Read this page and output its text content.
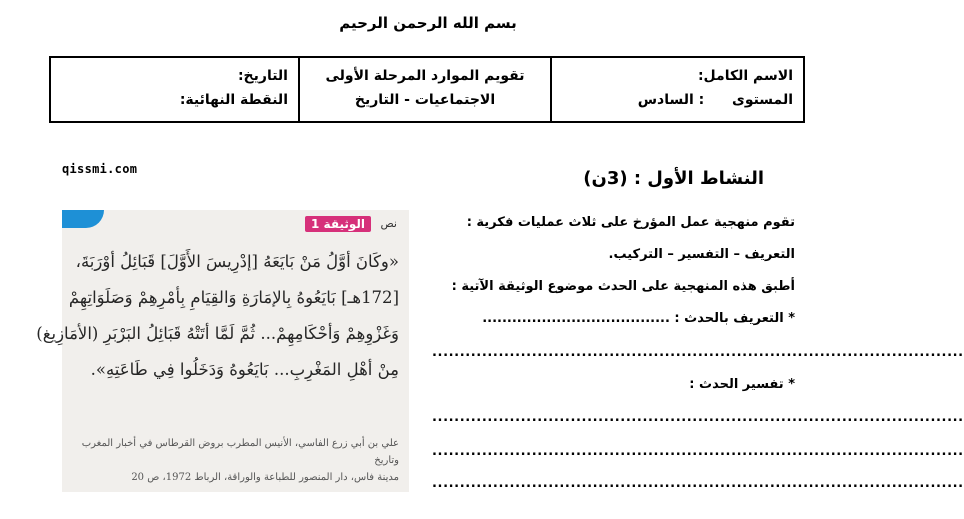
بسم الله الرحمن الرحيم
الاسم الكامل:
المستوى  : السادس
تقويم الموارد المرحلة الأولى
الاجتماعيات - التاريخ
التاريخ:
النقطة النهائية:
qissmi.com
الوثيقة 1	نص
«وكَانَ أوَّلُ مَنْ بَايَعَهُ [إدْرِيسَ الأَوَّلَ] قَبَائِلُ أوْرَبَةَ،
[172هـ] بَايَعُوهُ بِالإمَارَةِ وَالقِيَامِ بِأمْرِهِمْ وَصَلَوَاتِهِمْ
وَغَزْوِهِمْ وَأحْكَامِهِمْ... ثُمَّ لَمَّا أتَتْهُ قَبَائِلُ البَرْبَرِ (الأمَازِيغ)
مِنْ أهْلِ المَغْرِبِ... بَايَعُوهُ وَدَخَلُوا فِي طَاعَتِهِ».
علي بن أبي زرع الفاسي، الأنيس المطرب بروض القرطاس في أخبار المغرب وتاريخ
مدينة فاس، دار المنصور للطباعة والوراقة، الرباط 1972، ص 20
النشاط الأول : (3ن)
تقوم منهجية عمل المؤرخ على ثلاث عمليات فكرية :
التعريف – التفسير – التركيب.
أطبق هذه المنهجية على الحدث موضوع الوثيقة الآتية :
* التعريف بالحدث : ......................................
................................................................................................
* تفسير الحدث :
................................................................................................
................................................................................................
................................................................................................
